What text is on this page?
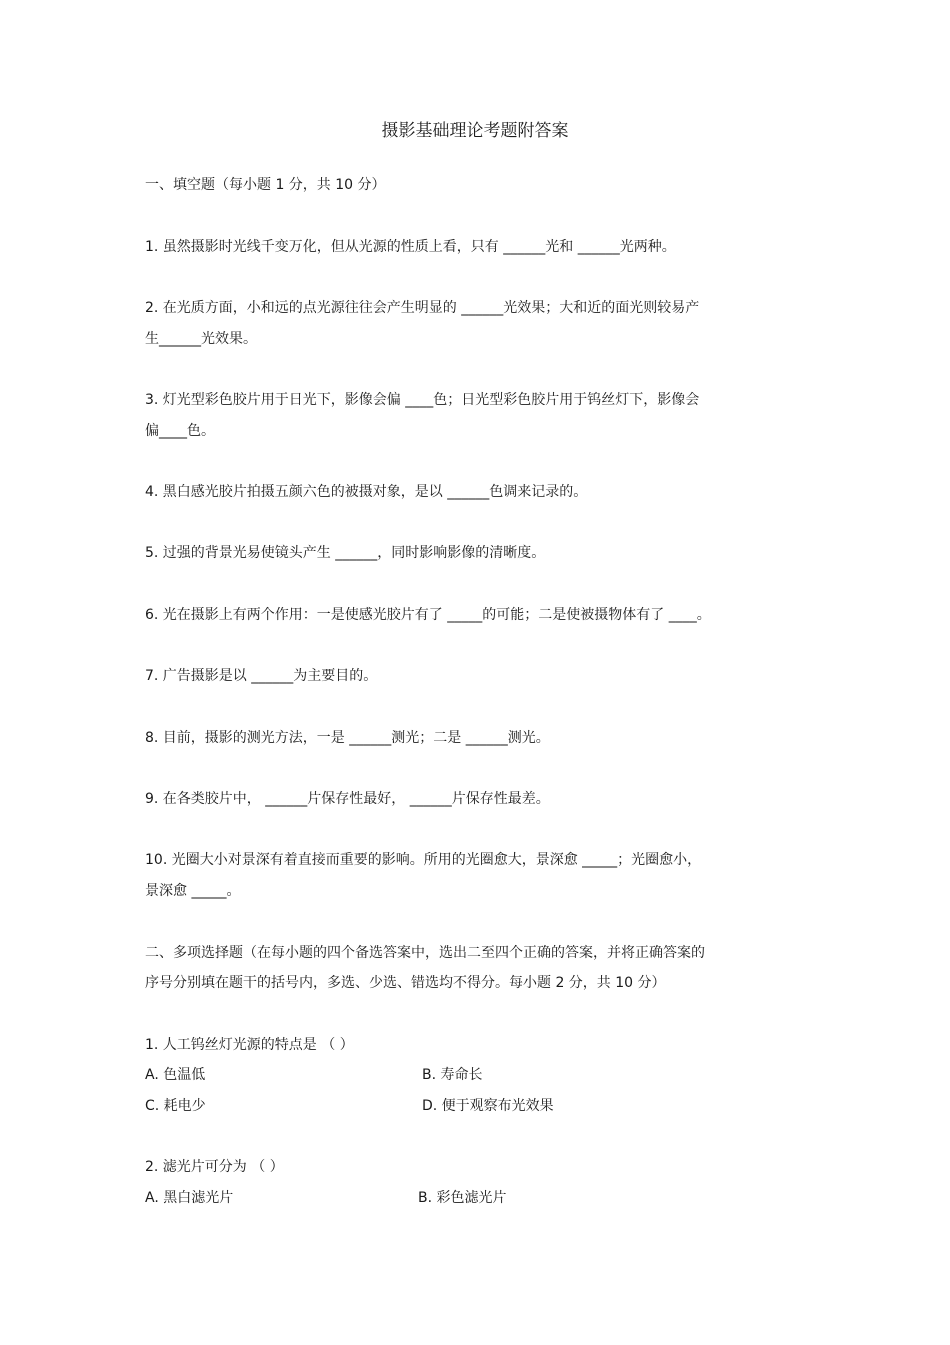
摄影基础理论考题附答案
一、填空题（每小题 1 分，共 10 分）
1. 虽然摄影时光线千变万化，但从光源的性质上看，只有 ______光和 ______光两种。
2. 在光质方面，小和远的点光源往往会产生明显的 ______光效果；大和近的面光则较易产
生______光效果。
3. 灯光型彩色胶片用于日光下，影像会偏 ____色；日光型彩色胶片用于钨丝灯下，影像会
偏____色。
4. 黑白感光胶片拍摄五颜六色的被摄对象，是以 ______色调来记录的。
5. 过强的背景光易使镜头产生 ______，同时影响影像的清晰度。
6. 光在摄影上有两个作用：一是使感光胶片有了 _____的可能；二是使被摄物体有了 ____。
7. 广告摄影是以 ______为主要目的。
8. 目前，摄影的测光方法，一是 ______测光；二是 ______测光。
9. 在各类胶片中， ______片保存性最好， ______片保存性最差。
10. 光圈大小对景深有着直接而重要的影响。所用的光圈愈大，景深愈 _____；光圈愈小，
景深愈 _____。
二、多项选择题（在每小题的四个备选答案中，选出二至四个正确的答案，并将正确答案的
序号分别填在题干的括号内，多选、少选、错选均不得分。每小题 2 分，共 10 分）
1. 人工钨丝灯光源的特点是 （ ）
A. 色温低	B. 寿命长
C. 耗电少	D. 便于观察布光效果
2. 滤光片可分为 （ ）
A. 黑白滤光片	B. 彩色滤光片
